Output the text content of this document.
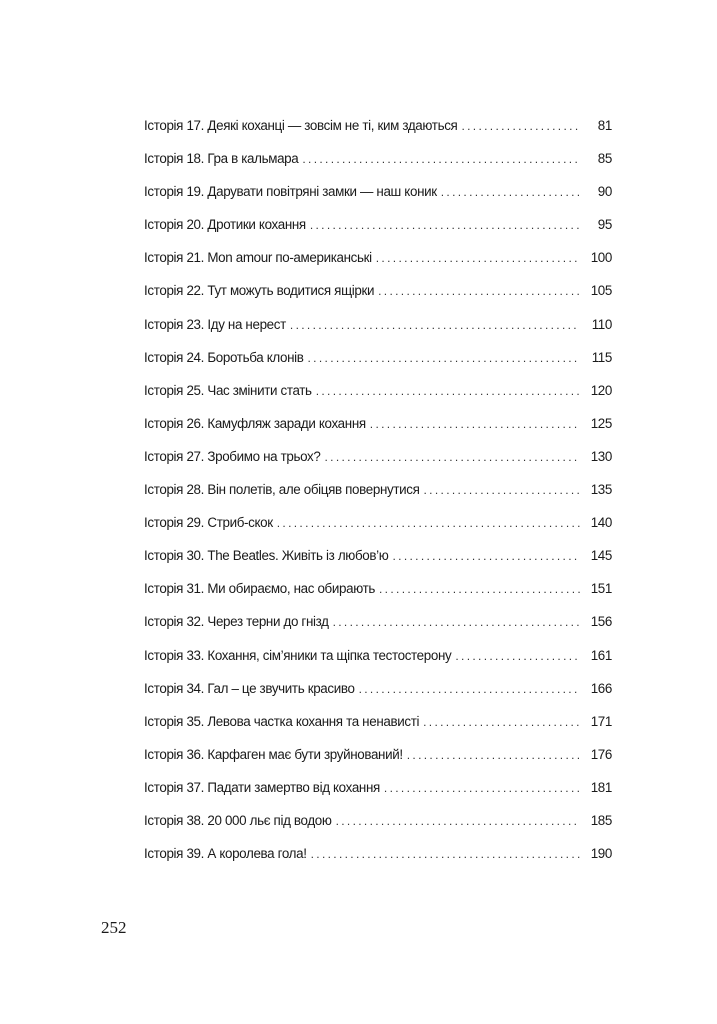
Історія 17. Деякі коханці — зовсім не ті, ким здаються . . .	81
Історія 18. Гра в кальмара . . .	85
Історія 19. Дарувати повітряні замки — наш коник . . .	90
Історія 20. Дротики кохання . . .	95
Історія 21. Mon amour по-американські . . .	100
Історія 22. Тут можуть водитися ящірки . . .	105
Історія 23. Іду на нерест . . .	110
Історія 24. Боротьба клонів . . .	115
Історія 25. Час змінити стать . . .	120
Історія 26. Камуфляж заради кохання . . .	125
Історія 27. Зробимо на трьох? . . .	130
Історія 28. Він полетів, але обіцяв повернутися . . .	135
Історія 29. Стриб-скок . . .	140
Історія 30. The Beatles. Живіть із любов’ю . . .	145
Історія 31. Ми обираємо, нас обирають . . .	151
Історія 32. Через терни до гнізд . . .	156
Історія 33. Кохання, сім’яники та щіпка тестостерону . . .	161
Історія 34. Гал – це звучить красиво . . .	166
Історія 35. Левова частка кохання та ненависті . . .	171
Історія 36. Карфаген має бути зруйнований! . . .	176
Історія 37. Падати замертво від кохання . . .	181
Історія 38. 20 000 льє під водою . . .	185
Історія 39. А королева гола! . . .	190
252
